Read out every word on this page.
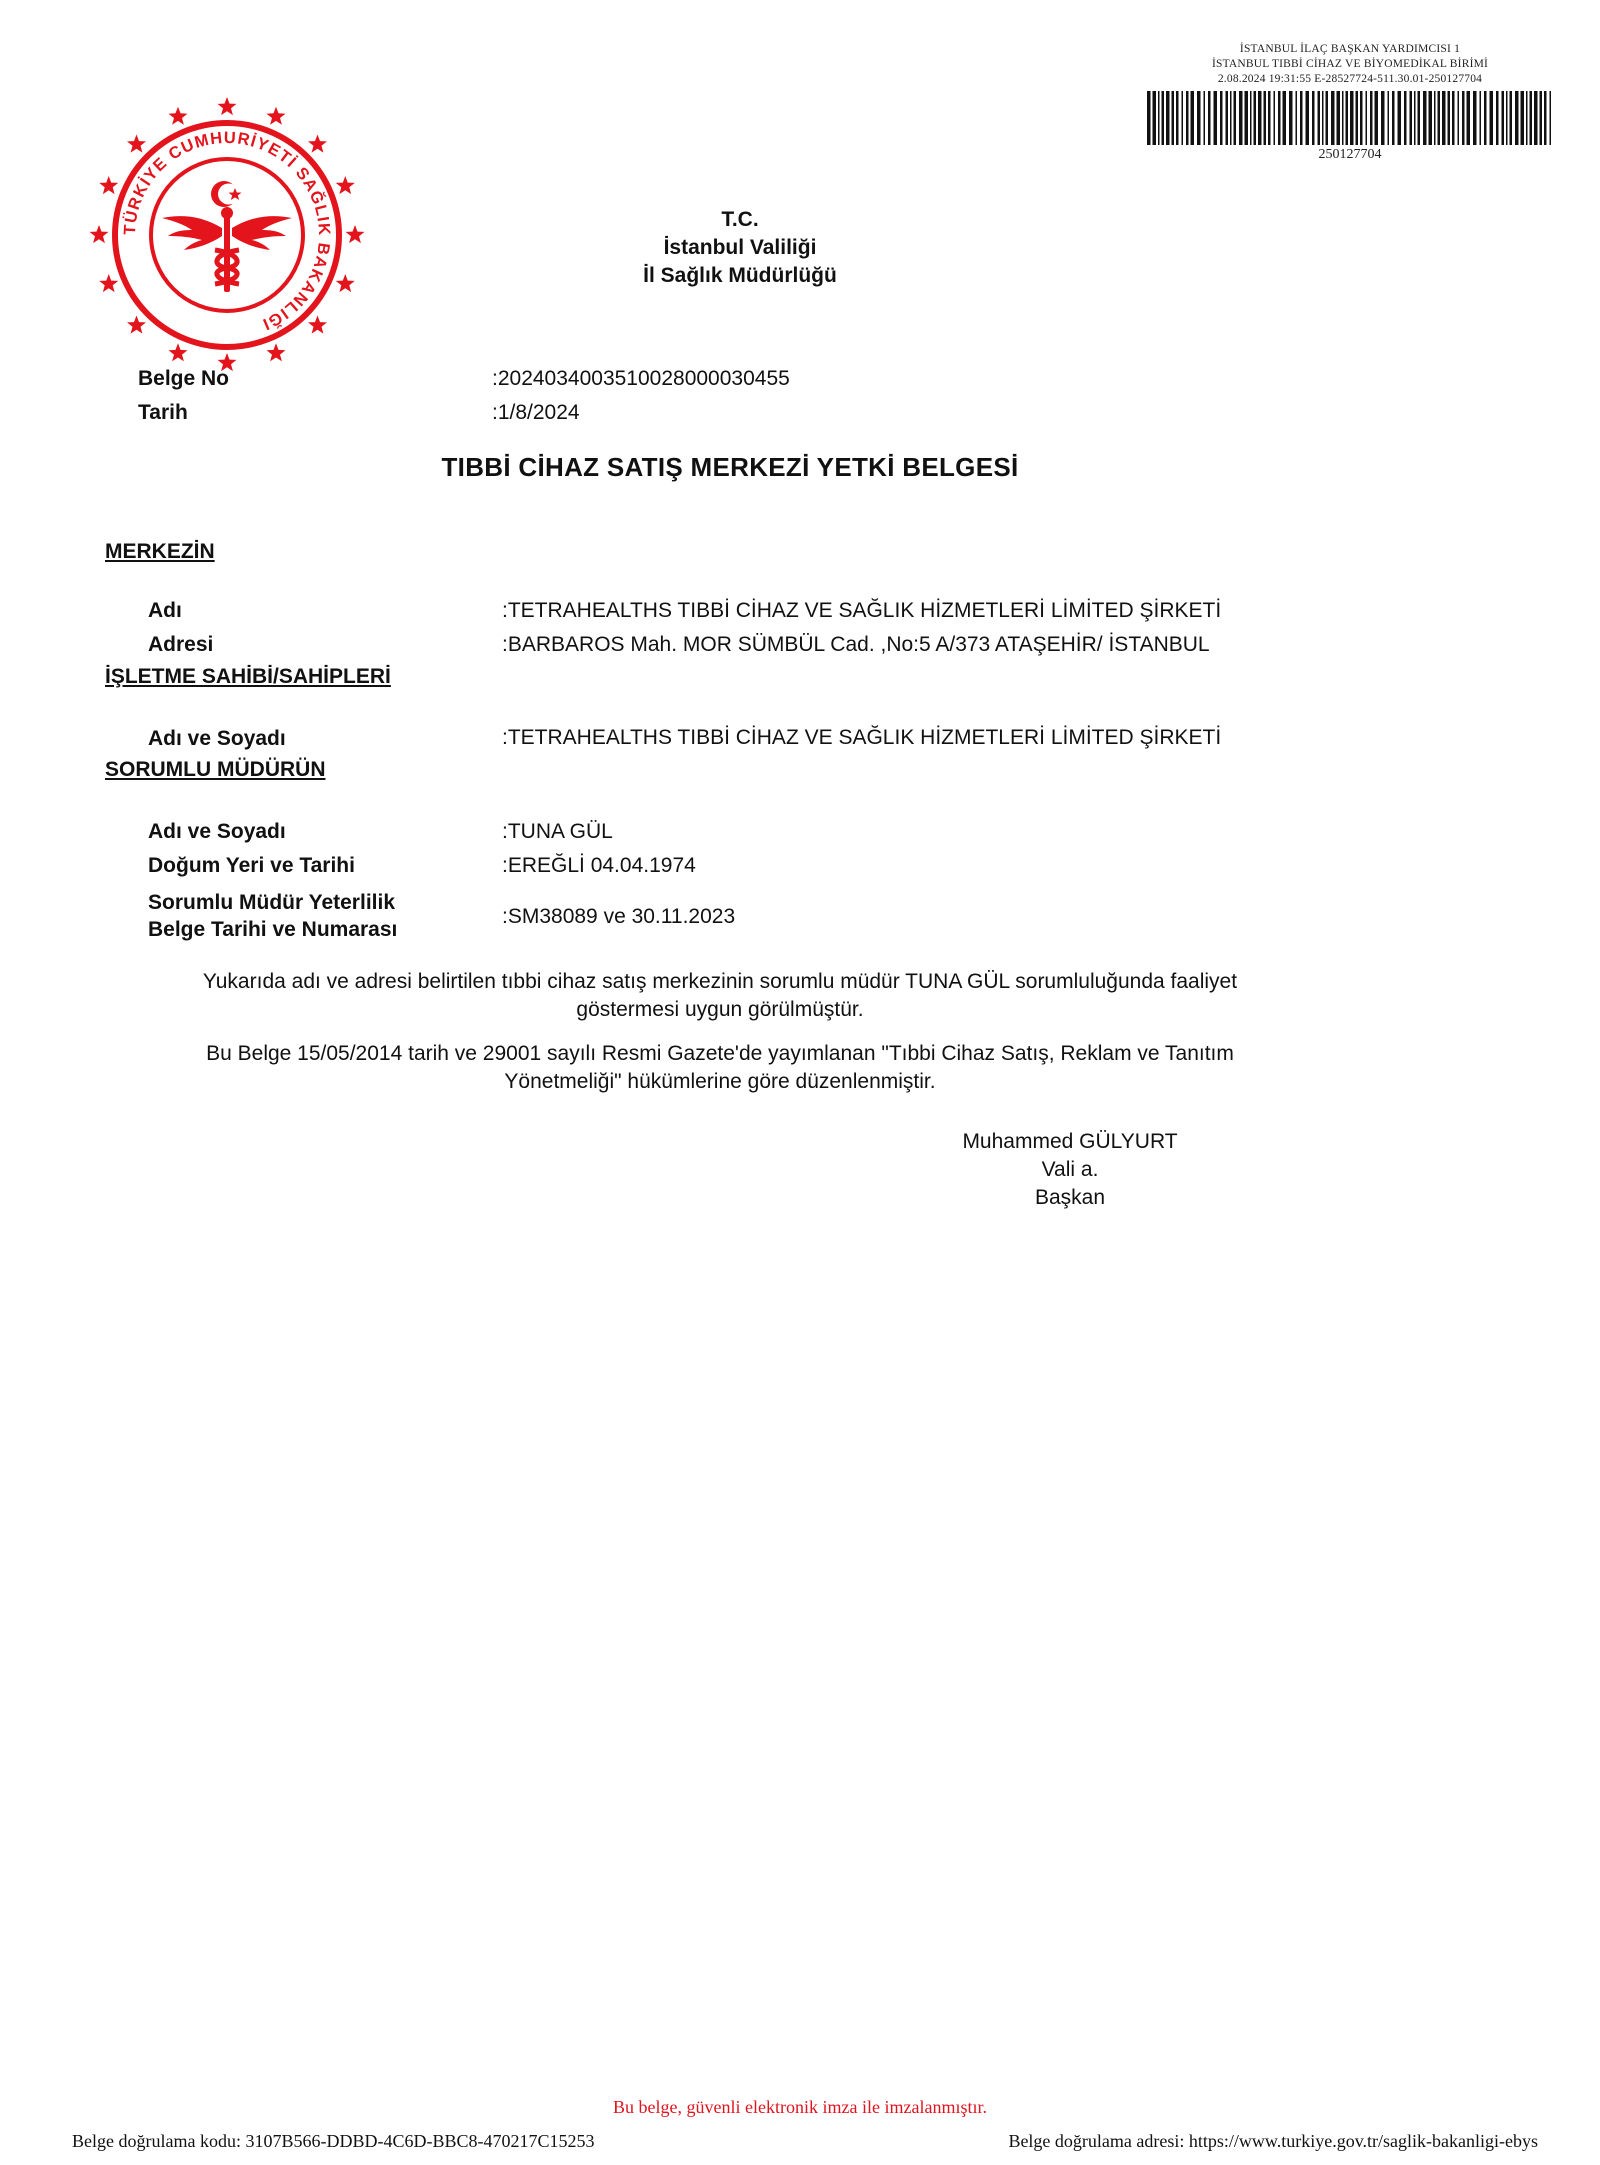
İSTANBUL İLAÇ BAŞKAN YARDIMCISI 1
İSTANBUL TIBBİ CİHAZ VE BİYOMEDİKAL BİRİMİ
2.08.2024 19:31:55 E-28527724-511.30.01-250127704
250127704
TÜRKİYE CUMHURİYETİ SAĞLIK BAKANLIĞI
T.C.
İstanbul Valiliği
İl Sağlık Müdürlüğü
Belge No	:2024034003510028000030455
Tarih	:1/8/2024
TIBBİ CİHAZ SATIŞ MERKEZİ YETKİ BELGESİ
MERKEZİN
Adı	:TETRAHEALTHS TIBBİ CİHAZ VE SAĞLIK HİZMETLERİ LİMİTED ŞİRKETİ
Adresi	:BARBAROS Mah. MOR SÜMBÜL Cad. ,No:5 A/373 ATAŞEHİR/ İSTANBUL
İŞLETME SAHİBİ/SAHİPLERİ
Adı ve Soyadı	:TETRAHEALTHS TIBBİ CİHAZ VE SAĞLIK HİZMETLERİ LİMİTED ŞİRKETİ
SORUMLU MÜDÜRÜN
Adı ve Soyadı	:TUNA GÜL
Doğum Yeri ve Tarihi	:EREĞLİ 04.04.1974
Sorumlu Müdür Yeterlilik
Belge Tarihi ve Numarası
:SM38089 ve 30.11.2023
Yukarıda adı ve adresi belirtilen tıbbi cihaz satış merkezinin sorumlu müdür TUNA GÜL sorumluluğunda faaliyet
göstermesi uygun görülmüştür.
Bu Belge 15/05/2014 tarih ve 29001 sayılı Resmi Gazete'de yayımlanan "Tıbbi Cihaz Satış, Reklam ve Tanıtım
Yönetmeliği" hükümlerine göre düzenlenmiştir.
Muhammed GÜLYURT
Vali a.
Başkan
Bu belge, güvenli elektronik imza ile imzalanmıştır.
Belge doğrulama kodu: 3107B566-DDBD-4C6D-BBC8-470217C15253	Belge doğrulama adresi: https://www.turkiye.gov.tr/saglik-bakanligi-ebys
